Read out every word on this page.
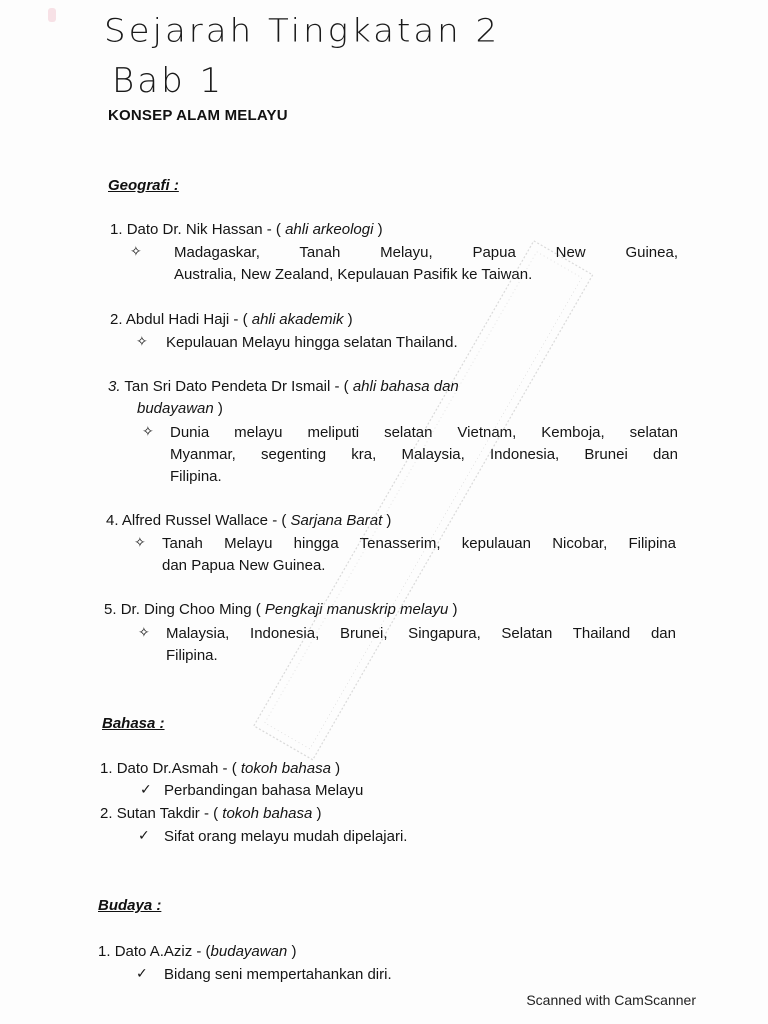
Sejarah Tingkatan 2
Bab 1
KONSEP ALAM MELAYU
Geografi :
1. Dato Dr. Nik Hassan - ( ahli arkeologi )
✧ Madagaskar, Tanah Melayu, Papua New Guinea,
Australia, New Zealand, Kepulauan Pasifik ke Taiwan.
2. Abdul Hadi Haji - ( ahli akademik )
✧ Kepulauan Melayu hingga selatan Thailand.
3. Tan Sri Dato Pendeta Dr Ismail - ( ahli bahasa dan
budayawan )
✧ Dunia melayu meliputi selatan Vietnam, Kemboja, selatan
Myanmar, segenting kra, Malaysia, Indonesia, Brunei dan
Filipina.
4. Alfred Russel Wallace - ( Sarjana Barat )
✧ Tanah Melayu hingga Tenasserim, kepulauan Nicobar, Filipina
dan Papua New Guinea.
5. Dr. Ding Choo Ming ( Pengkaji manuskrip melayu )
✧ Malaysia, Indonesia, Brunei, Singapura, Selatan Thailand dan
Filipina.
Bahasa :
1. Dato Dr.Asmah - ( tokoh bahasa )
✓ Perbandingan bahasa Melayu
2. Sutan Takdir - ( tokoh bahasa )
✓ Sifat orang melayu mudah dipelajari.
Budaya :
1. Dato A.Aziz - (budayawan )
✓ Bidang seni mempertahankan diri.
Scanned with CamScanner
